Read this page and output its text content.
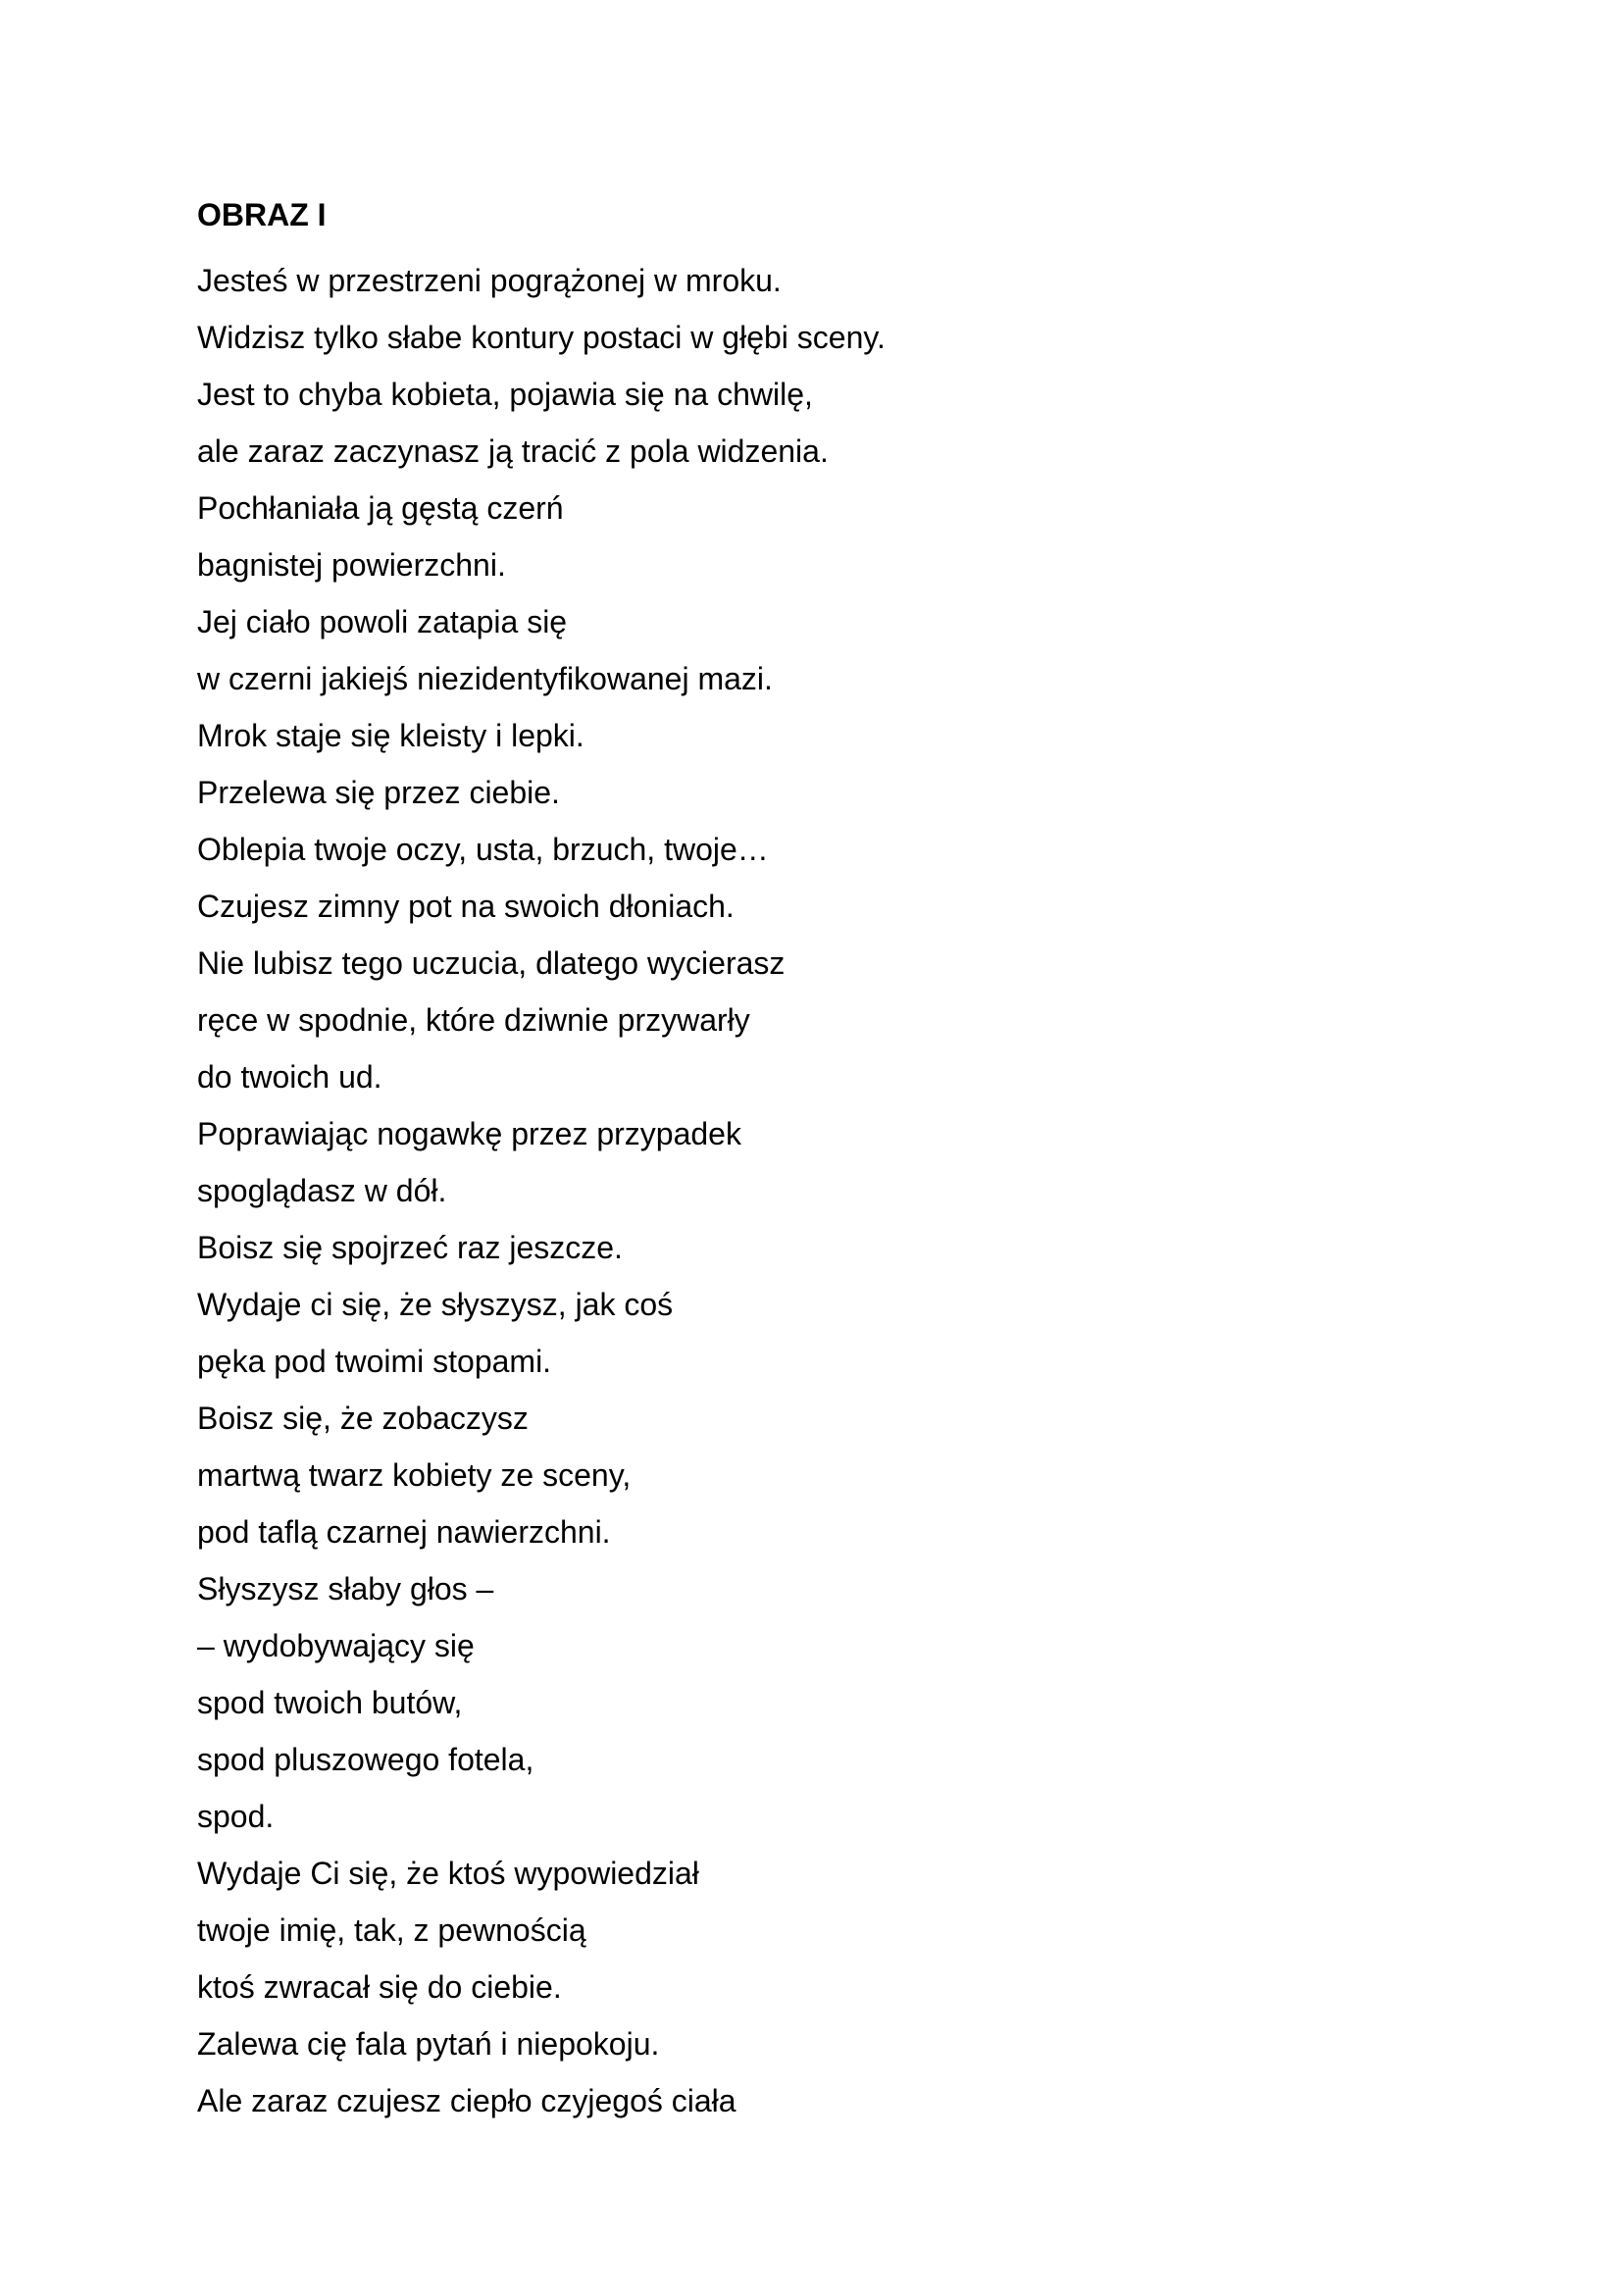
OBRAZ I
Jesteś w przestrzeni pogrążonej w mroku.
Widzisz tylko słabe kontury postaci w głębi sceny.
Jest to chyba kobieta, pojawia się na chwilę,
ale zaraz zaczynasz ją tracić z pola widzenia.
Pochłaniała ją gęstą czerń
bagnistej powierzchni.
Jej ciało powoli zatapia się
w czerni jakiejś niezidentyfikowanej mazi.
Mrok staje się kleisty i lepki.
Przelewa się przez ciebie.
Oblepia twoje oczy, usta, brzuch, twoje…
Czujesz zimny pot na swoich dłoniach.
Nie lubisz tego uczucia, dlatego wycierasz
ręce w spodnie, które dziwnie przywarły
do twoich ud.
Poprawiając nogawkę przez przypadek
spoglądasz w dół.
Boisz się spojrzeć raz jeszcze.
Wydaje ci się, że słyszysz, jak coś
pęka pod twoimi stopami.
Boisz się, że zobaczysz
martwą twarz kobiety ze sceny,
pod taflą czarnej nawierzchni.
Słyszysz słaby głos –
– wydobywający się
spod twoich butów,
spod pluszowego fotela,
spod.
Wydaje Ci się, że ktoś wypowiedział
twoje imię, tak, z pewnością
ktoś zwracał się do ciebie.
Zalewa cię fala pytań i niepokoju.
Ale zaraz czujesz ciepło czyjegoś ciała
